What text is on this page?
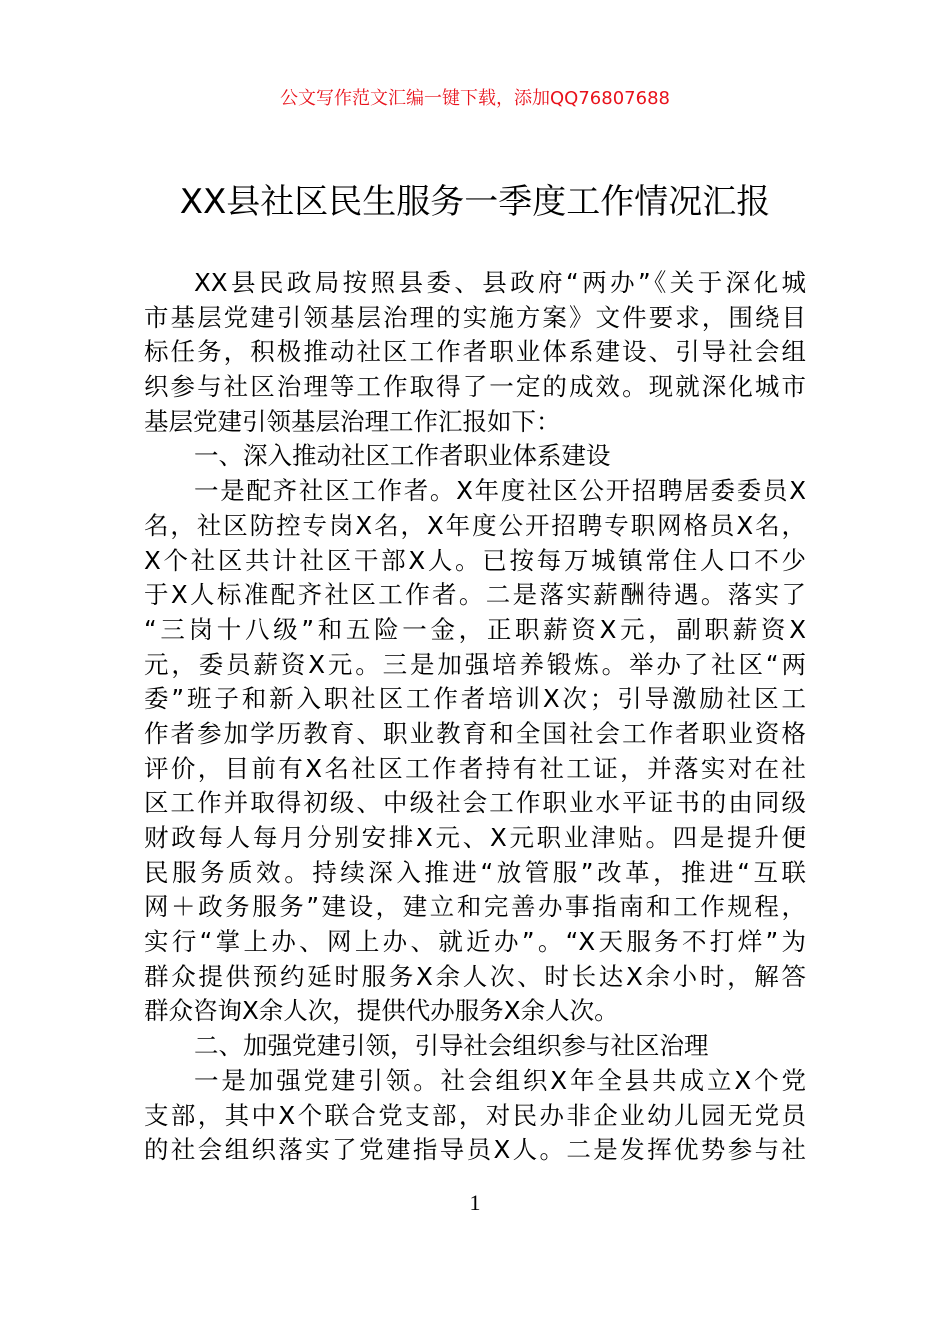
公文写作范文汇编一键下载，添加QQ76807688
XX县社区民生服务一季度工作情况汇报
XX县民政局按照县委、县政府“两办”《关于深化城
市基层党建引领基层治理的实施方案》文件要求，围绕目
标任务，积极推动社区工作者职业体系建设、引导社会组
织参与社区治理等工作取得了一定的成效。现就深化城市
基层党建引领基层治理工作汇报如下：
一、深入推动社区工作者职业体系建设
一是配齐社区工作者。X年度社区公开招聘居委委员X
名，社区防控专岗X名，X年度公开招聘专职网格员X名，
X个社区共计社区干部X人。已按每万城镇常住人口不少
于X人标准配齐社区工作者。二是落实薪酬待遇。落实了
“三岗十八级”和五险一金，正职薪资X元，副职薪资X
元，委员薪资X元。三是加强培养锻炼。举办了社区“两
委”班子和新入职社区工作者培训X次；引导激励社区工
作者参加学历教育、职业教育和全国社会工作者职业资格
评价，目前有X名社区工作者持有社工证，并落实对在社
区工作并取得初级、中级社会工作职业水平证书的由同级
财政每人每月分别安排X元、X元职业津贴。四是提升便
民服务质效。持续深入推进“放管服”改革，推进“互联
网＋政务服务”建设，建立和完善办事指南和工作规程，
实行“掌上办、网上办、就近办”。“X天服务不打烊”为
群众提供预约延时服务X余人次、时长达X余小时，解答
群众咨询X余人次，提供代办服务X余人次。
二、加强党建引领，引导社会组织参与社区治理
一是加强党建引领。社会组织X年全县共成立X个党
支部，其中X个联合党支部，对民办非企业幼儿园无党员
的社会组织落实了党建指导员X人。二是发挥优势参与社
1
